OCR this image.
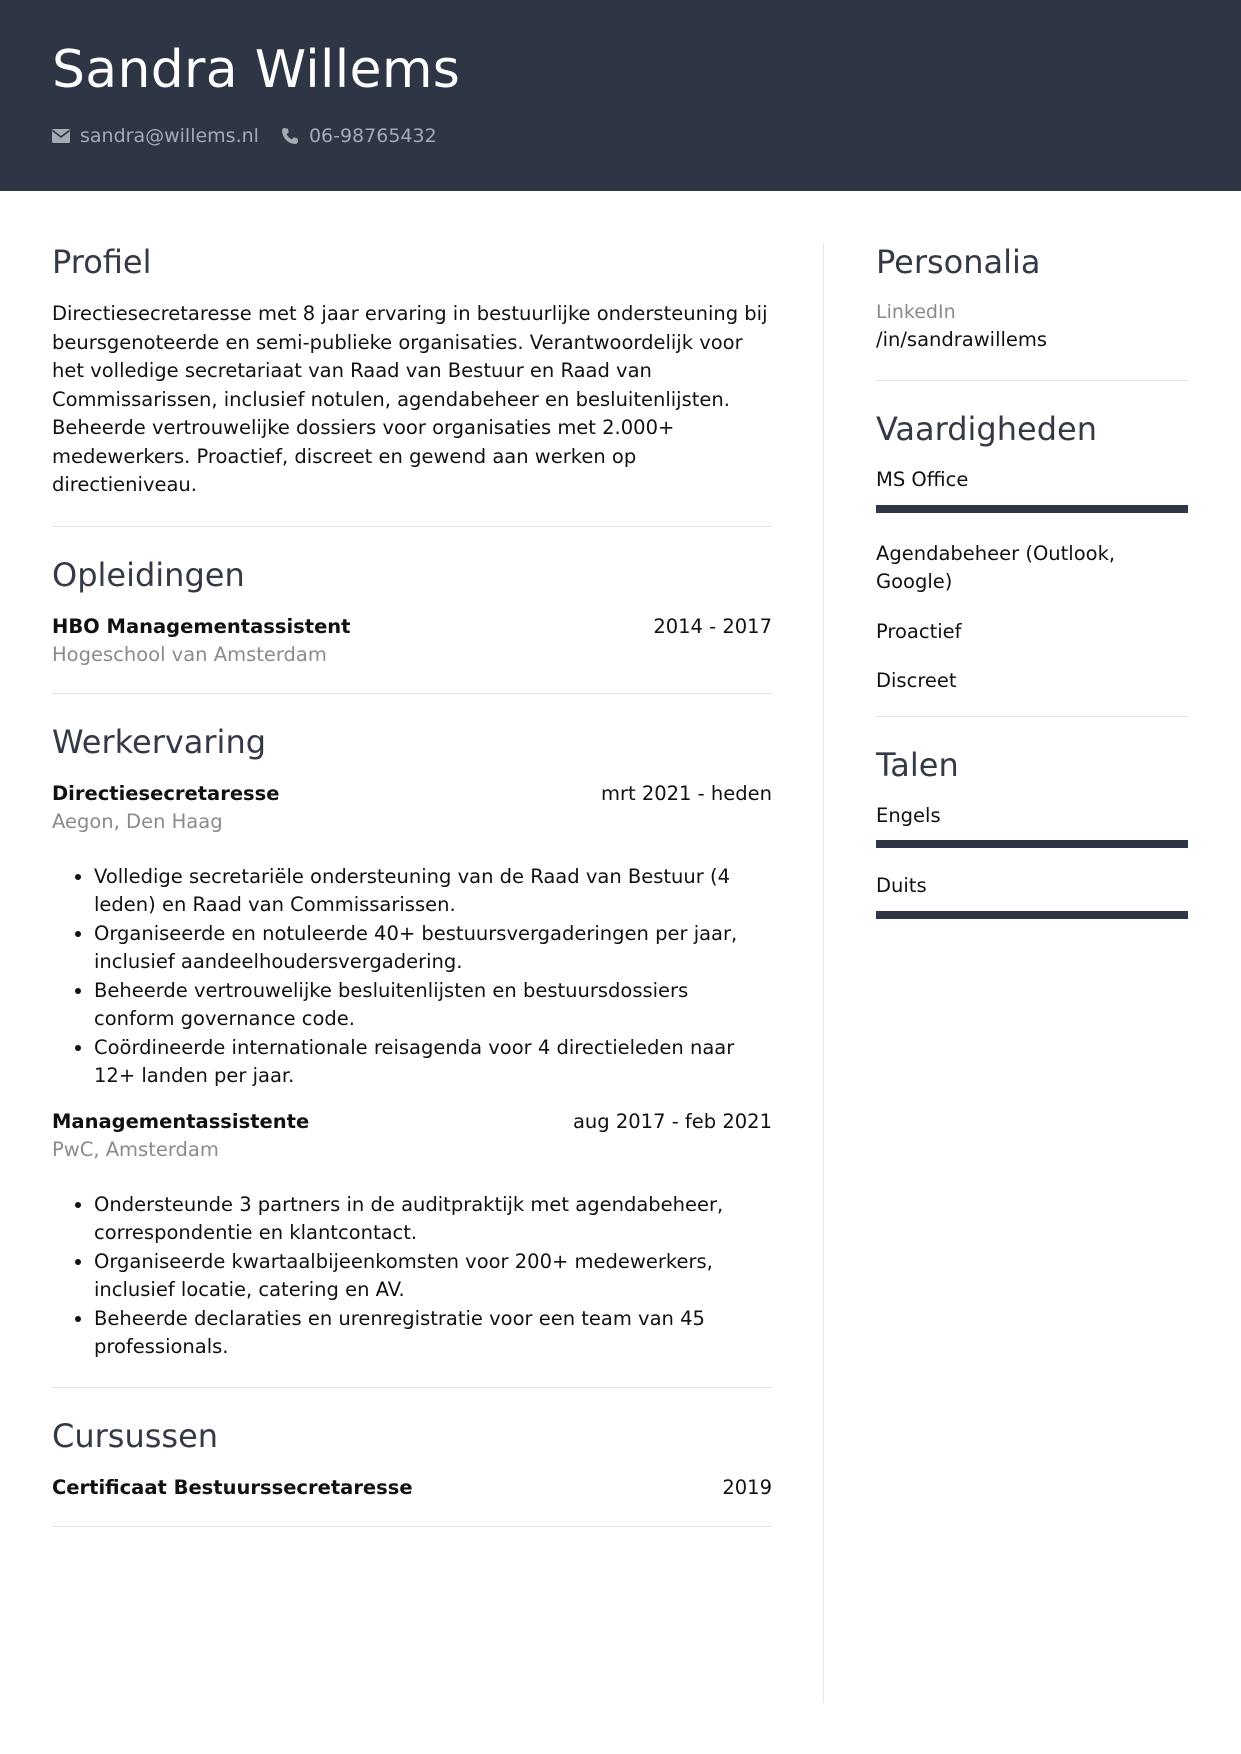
Sandra Willems
sandra@willems.nl	06-98765432
Profiel

Directiesecretaresse met 8 jaar ervaring in bestuurlijke ondersteuning bij beursgenoteerde en semi-publieke organisaties. Verantwoordelijk voor het volledige secretariaat van Raad van Bestuur en Raad van Commissarissen, inclusief notulen, agendabeheer en besluitenlijsten. Beheerde vertrouwelijke dossiers voor organisaties met 2.000+ medewerkers. Proactief, discreet en gewend aan werken op directieniveau.

Opleidingen
HBO Managementassistent	2014 - 2017
Hogeschool van Amsterdam
Werkervaring
Directiesecretaresse	mrt 2021 - heden
Aegon, Den Haag
• Volledige secretariële ondersteuning van de Raad van Bestuur (4 leden) en Raad van Commissarissen.
• Organiseerde en notuleerde 40+ bestuursvergaderingen per jaar, inclusief aandeelhoudersvergadering.
• Beheerde vertrouwelijke besluitenlijsten en bestuursdossiers conform governance code.
• Coördineerde internationale reisagenda voor 4 directieleden naar 12+ landen per jaar.
Managementassistente	aug 2017 - feb 2021
PwC, Amsterdam
• Ondersteunde 3 partners in de auditpraktijk met agendabeheer, correspondentie en klantcontact.
• Organiseerde kwartaalbijeenkomsten voor 200+ medewerkers, inclusief locatie, catering en AV.
• Beheerde declaraties en urenregistratie voor een team van 45 professionals.
Cursussen
Certificaat Bestuurssecretaresse	2019
Personalia
LinkedIn
/in/sandrawillems
Vaardigheden
MS Office
Agendabeheer (Outlook, Google)
Proactief
Discreet
Talen
Engels
Duits
